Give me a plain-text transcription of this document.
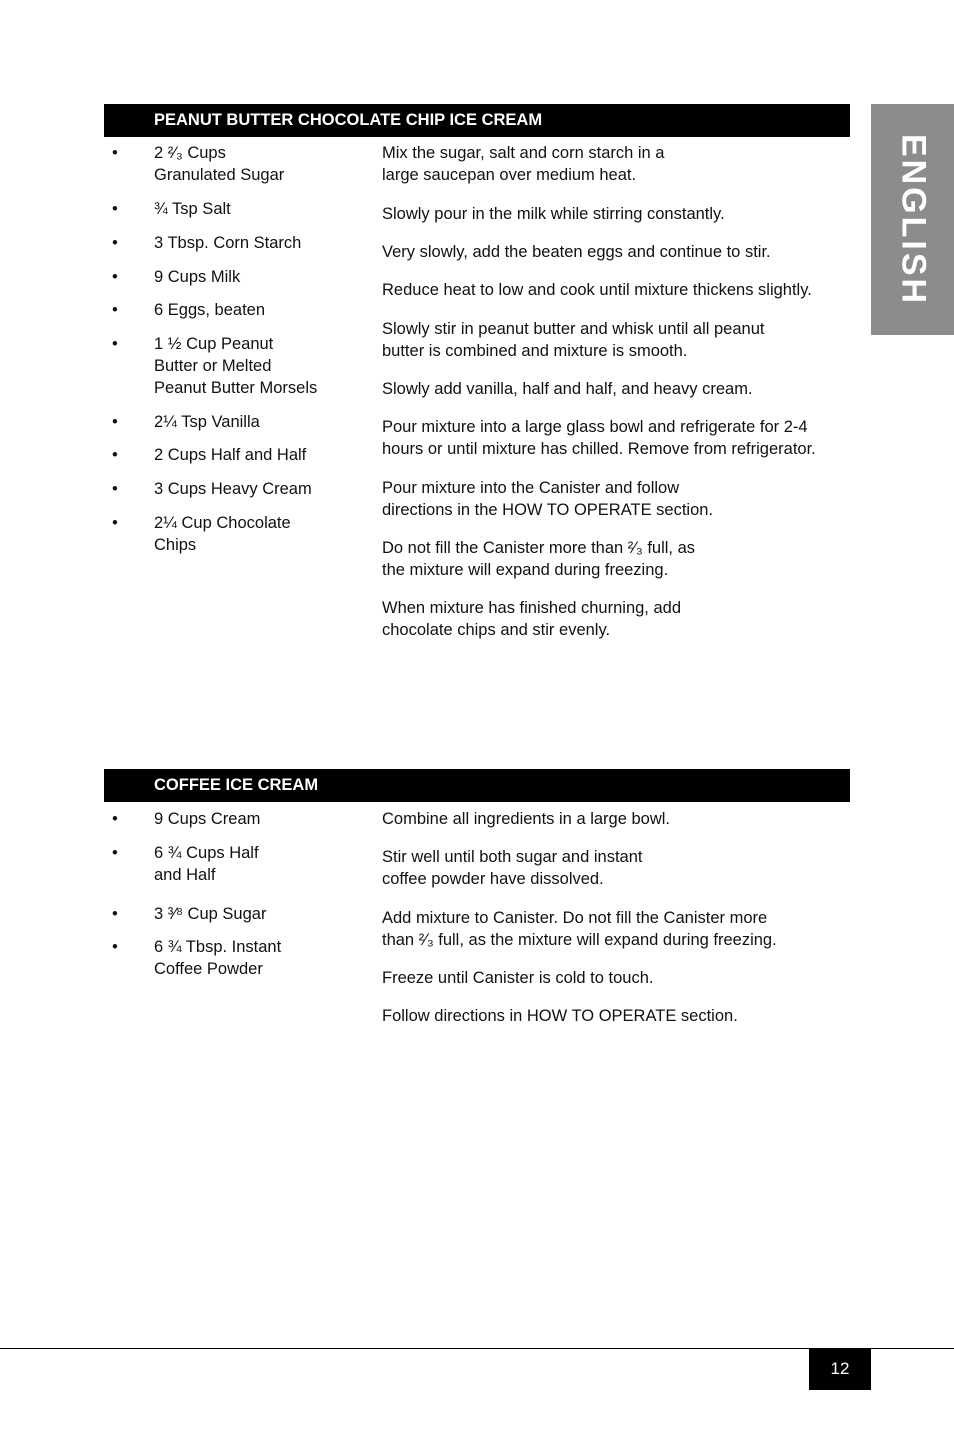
ENGLISH
PEANUT BUTTER CHOCOLATE CHIP ICE CREAM
• 2 ²⁄₃ Cups
Granulated Sugar
• ¾ Tsp Salt
• 3 Tbsp. Corn Starch
• 9 Cups Milk
• 6 Eggs, beaten
• 1 ½ Cup Peanut
Butter or Melted
Peanut Butter Morsels
• 2¼ Tsp Vanilla
• 2 Cups Half and Half
• 3 Cups Heavy Cream
• 2¼ Cup Chocolate
Chips

Mix the sugar, salt and corn starch in a
large saucepan over medium heat.

Slowly pour in the milk while stirring constantly.

Very slowly, add the beaten eggs and continue to stir.

Reduce heat to low and cook until mixture thickens slightly.

Slowly stir in peanut butter and whisk until all peanut
butter is combined and mixture is smooth.

Slowly add vanilla, half and half, and heavy cream.

Pour mixture into a large glass bowl and refrigerate for 2-4
hours or until mixture has chilled. Remove from refrigerator.

Pour mixture into the Canister and follow
directions in the HOW TO OPERATE section.

Do not fill the Canister more than ²⁄₃ full, as
the mixture will expand during freezing.

When mixture has finished churning, add
chocolate chips and stir evenly.

COFFEE ICE CREAM
• 9 Cups Cream
• 6 ¾ Cups Half
and Half
• 3 ³⁄⁸ Cup Sugar
• 6 ¾ Tbsp. Instant
Coffee Powder

Combine all ingredients in a large bowl.

Stir well until both sugar and instant
coffee powder have dissolved.

Add mixture to Canister. Do not fill the Canister more
than ²⁄₃ full, as the mixture will expand during freezing.

Freeze until Canister is cold to touch.

Follow directions in HOW TO OPERATE section.

12
